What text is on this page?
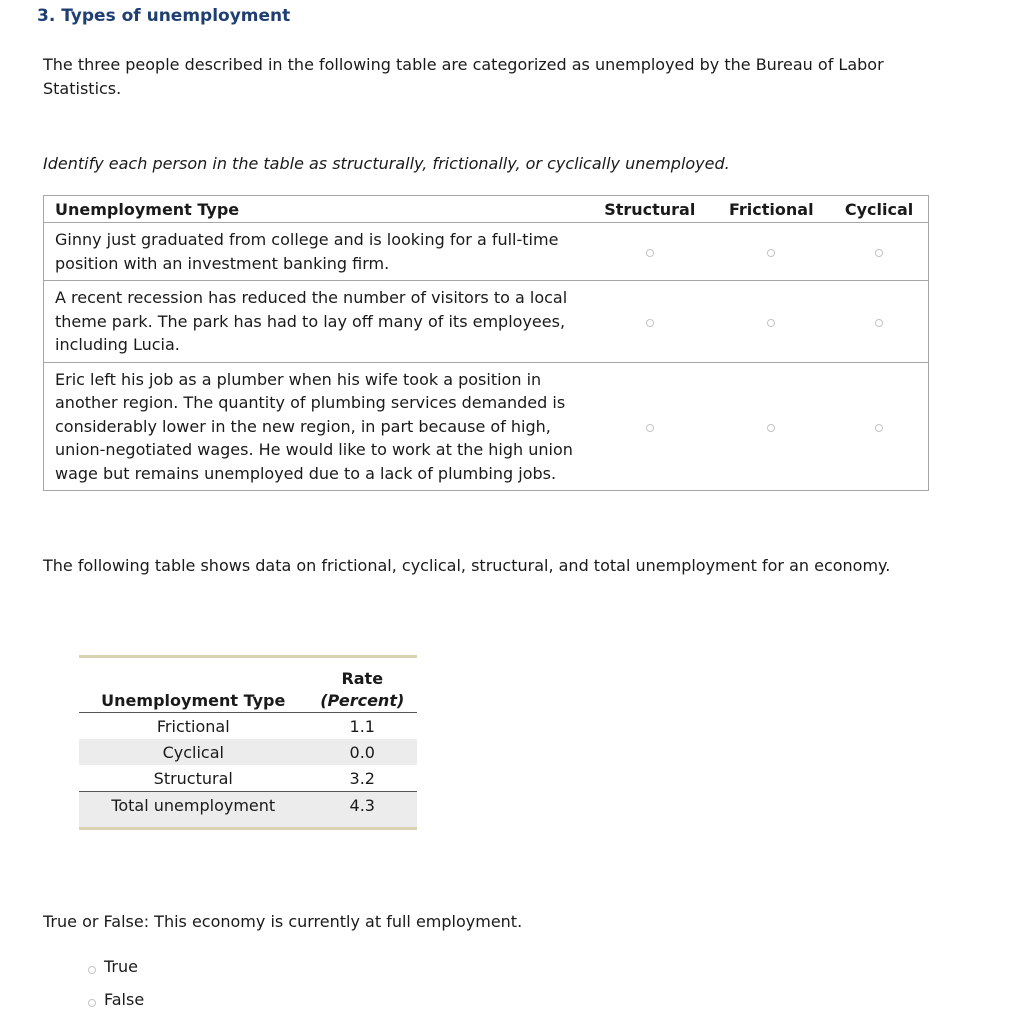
3. Types of unemployment

The three people described in the following table are categorized as unemployed by the Bureau of Labor Statistics.

Identify each person in the table as structurally, frictionally, or cyclically unemployed.

Unemployment Type	Structural	Frictional	Cyclical
Ginny just graduated from college and is looking for a full-time position with an investment banking firm.			
A recent recession has reduced the number of visitors to a local theme park. The park has had to lay off many of its employees, including Lucia.			
Eric left his job as a plumber when his wife took a position in another region. The quantity of plumbing services demanded is considerably lower in the new region, in part because of high, union-negotiated wages. He would like to work at the high union wage but remains unemployed due to a lack of plumbing jobs.			

The following table shows data on frictional, cyclical, structural, and total unemployment for an economy.

	Rate
Unemployment Type	(Percent)
Frictional	1.1
Cyclical	0.0
Structural	3.2
Total unemployment	4.3

True or False: This economy is currently at full employment.

True
False
